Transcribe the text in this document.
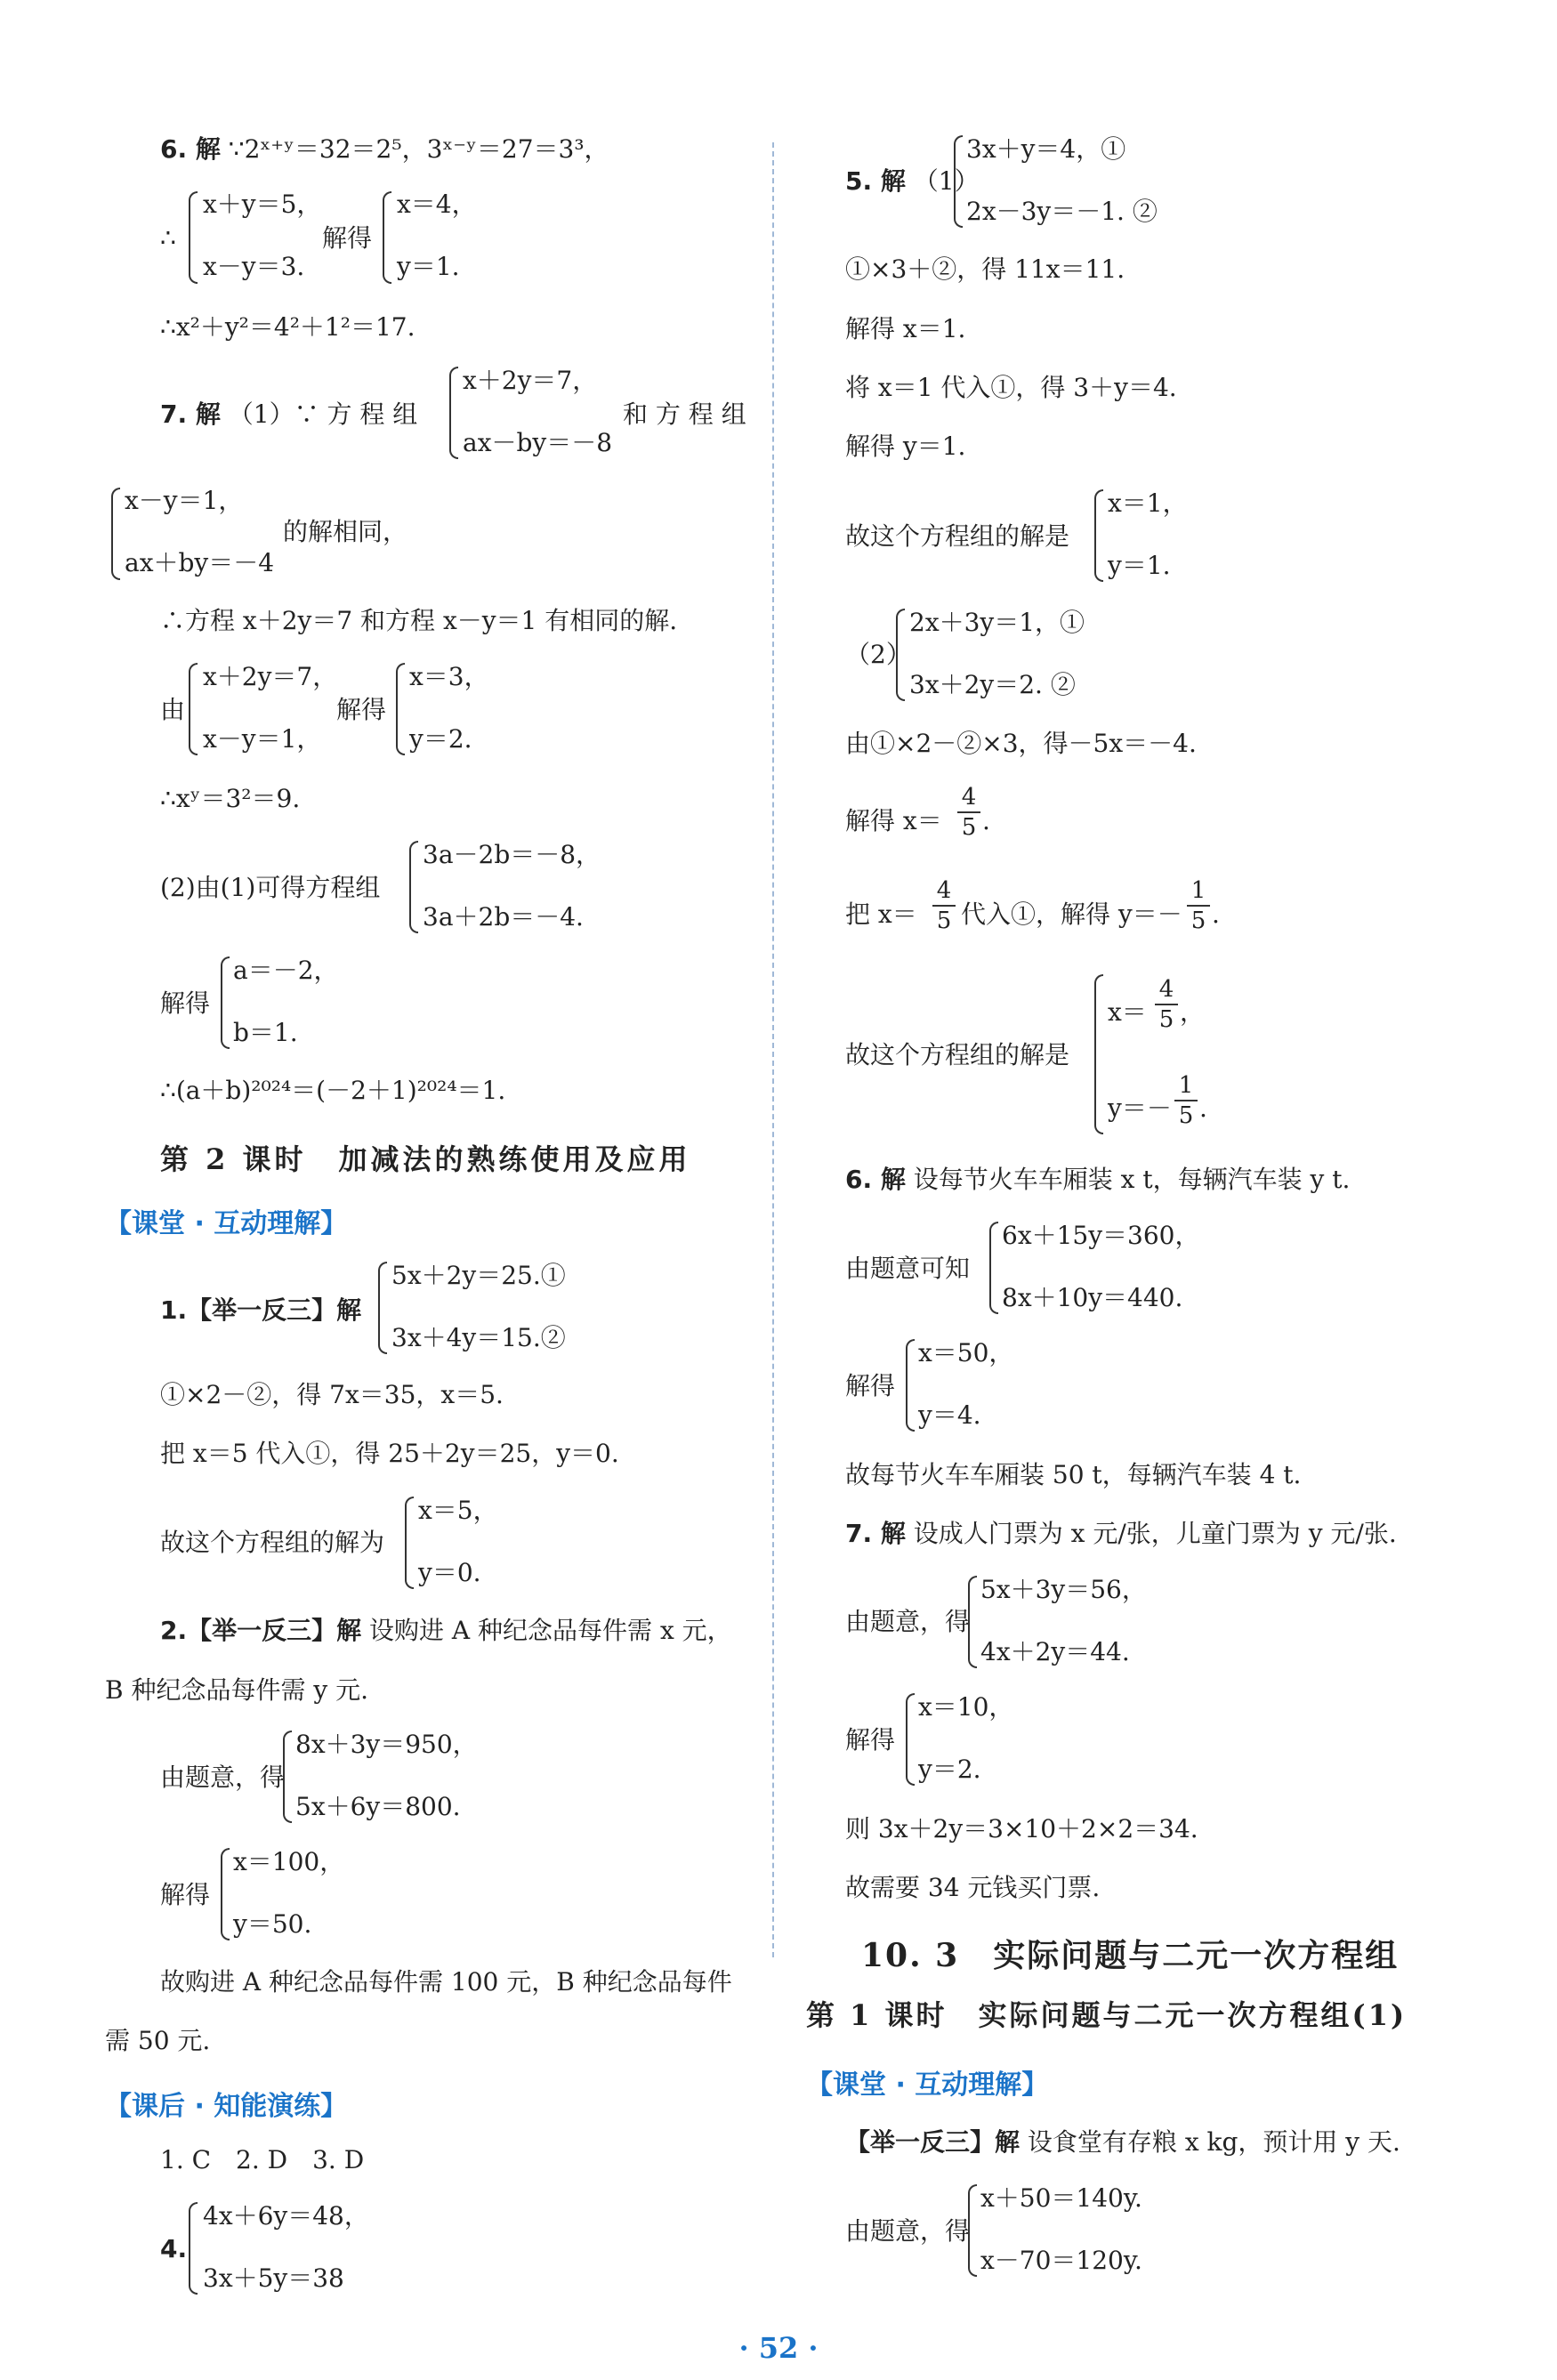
6. 解 ∵2ˣ⁺ʸ＝32＝2⁵，3ˣ⁻ʸ＝27＝3³，
∴
x＋y＝5，
x－y＝3.
解得
x＝4，
y＝1.
∴x²＋y²＝4²＋1²＝17.
7. 解 （1）∵ 方 程 组
x＋2y＝7，
ax－by＝－8
和 方 程 组
x－y＝1，
ax＋by＝－4
的解相同，
∴方程 x＋2y＝7 和方程 x－y＝1 有相同的解.
由
x＋2y＝7，
x－y＝1，
解得
x＝3，
y＝2.
∴xʸ＝3²＝9.
(2)由(1)可得方程组
3a－2b＝－8，
3a＋2b＝－4.
解得
a＝－2，
b＝1.
∴(a＋b)²⁰²⁴＝(－2＋1)²⁰²⁴＝1.
第 2 课时　加减法的熟练使用及应用
【课堂 · 互动理解】
1.【举一反三】解
5x＋2y＝25.①
3x＋4y＝15.②
①×2－②，得 7x＝35，x＝5.
把 x＝5 代入①，得 25＋2y＝25，y＝0.
故这个方程组的解为
x＝5，
y＝0.
2.【举一反三】解 设购进 A 种纪念品每件需 x 元，
B 种纪念品每件需 y 元.
由题意，得
8x＋3y＝950，
5x＋6y＝800.
解得
x＝100，
y＝50.
故购进 A 种纪念品每件需 100 元，B 种纪念品每件
需 50 元.
【课后 · 知能演练】
1. C　2. D　3. D
4.
4x＋6y＝48，
3x＋5y＝38
5. 解 （1）
3x＋y＝4，①
2x－3y＝－1. ②
①×3＋②，得 11x＝11.
解得 x＝1.
将 x＝1 代入①，得 3＋y＝4.
解得 y＝1.
故这个方程组的解是
x＝1，
y＝1.
（2）
2x＋3y＝1，①
3x＋2y＝2. ②
由①×2－②×3，得－5x＝－4.
解得 x＝
4
5 .
把 x＝
4
5 代入①，解得 y＝－
1
5 .
故这个方程组的解是
x＝
4
5 ，
y＝－
1
5 .
6. 解 设每节火车车厢装 x t，每辆汽车装 y t.
由题意可知
6x＋15y＝360，
8x＋10y＝440.
解得
x＝50，
y＝4.
故每节火车车厢装 50 t，每辆汽车装 4 t.
7. 解 设成人门票为 x 元/张，儿童门票为 y 元/张.
由题意，得
5x＋3y＝56，
4x＋2y＝44.
解得
x＝10，
y＝2.
则 3x＋2y＝3×10＋2×2＝34.
故需要 34 元钱买门票.
10. 3　实际问题与二元一次方程组
第 1 课时　实际问题与二元一次方程组(1)
【课堂 · 互动理解】
【举一反三】解 设食堂有存粮 x kg，预计用 y 天.
由题意，得
x＋50＝140y.
x－70＝120y.
· 52 ·
